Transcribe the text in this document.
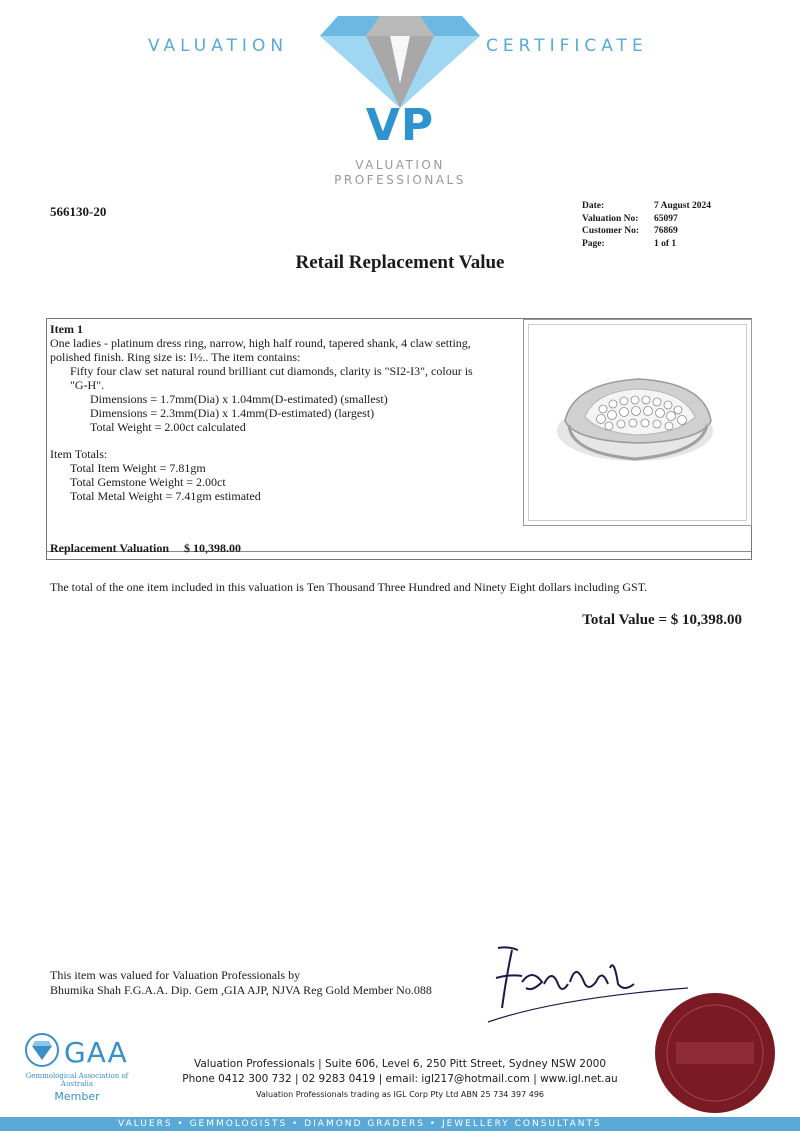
VALUATION	CERTIFICATE
VP
VALUATION
PROFESSIONALS
566130-20	Date:	7 August 2024
Valuation No:	65097
Customer No:	76869
Page:	1 of 1
Retail Replacement Value
Item 1
One ladies - platinum dress ring, narrow, high half round, tapered shank, 4 claw setting,
polished finish. Ring size is: I½.. The item contains:
Fifty four claw set natural round brilliant cut diamonds, clarity is "SI2-I3", colour is
"G-H".
Dimensions = 1.7mm(Dia) x 1.04mm(D-estimated) (smallest)
Dimensions = 2.3mm(Dia) x 1.4mm(D-estimated) (largest)
Total Weight = 2.00ct calculated
Item Totals:
Total Item Weight = 7.81gm
Total Gemstone Weight = 2.00ct
Total Metal Weight = 7.41gm estimated
Replacement Valuation $ 10,398.00
The total of the one item included in this valuation is Ten Thousand Three Hundred and Ninety Eight dollars including GST.
Total Value = $ 10,398.00
This item was valued for Valuation Professionals by
Bhumika Shah F.G.A.A. Dip. Gem ,GIA AJP, NJVA Reg Gold Member No.088
GAA
Gemmological Association of Australia
Member
Valuation Professionals | Suite 606, Level 6, 250 Pitt Street, Sydney NSW 2000
Phone 0412 300 732 | 02 9283 0419 | email: igl217@hotmail.com | www.igl.net.au
Valuation Professionals trading as IGL Corp Pty Ltd ABN 25 734 397 496
VALUERS • GEMMOLOGISTS • DIAMOND GRADERS • JEWELLERY CONSULTANTS
